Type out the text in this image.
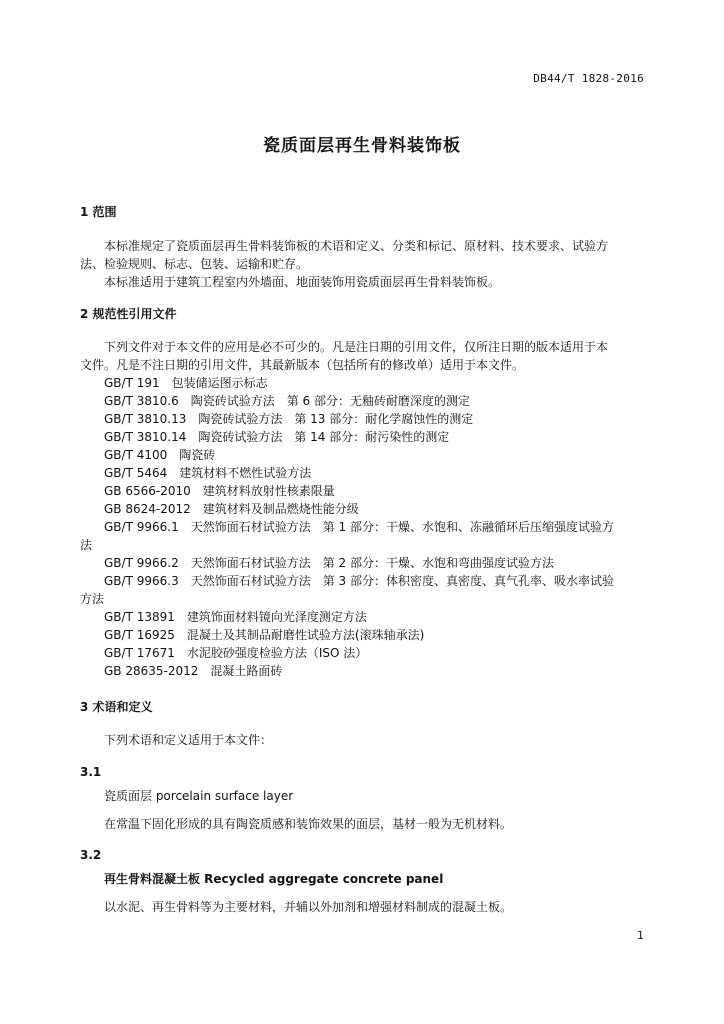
DB44/T 1828-2016
瓷质面层再生骨料装饰板
1 范围
本标准规定了瓷质面层再生骨料装饰板的术语和定义、分类和标记、原材料、技术要求、试验方
法、检验规则、标志、包装、运输和贮存。
本标准适用于建筑工程室内外墙面、地面装饰用瓷质面层再生骨料装饰板。
2 规范性引用文件
下列文件对于本文件的应用是必不可少的。凡是注日期的引用文件，仅所注日期的版本适用于本
文件。凡是不注日期的引用文件，其最新版本（包括所有的修改单）适用于本文件。
GB/T 191　包装储运图示标志
GB/T 3810.6　陶瓷砖试验方法　第 6 部分：无釉砖耐磨深度的测定
GB/T 3810.13　陶瓷砖试验方法　第 13 部分：耐化学腐蚀性的测定
GB/T 3810.14　陶瓷砖试验方法　第 14 部分：耐污染性的测定
GB/T 4100　陶瓷砖
GB/T 5464　建筑材料不燃性试验方法
GB 6566-2010　建筑材料放射性核素限量
GB 8624-2012　建筑材料及制品燃烧性能分级
GB/T 9966.1　天然饰面石材试验方法　第 1 部分：干燥、水饱和、冻融循环后压缩强度试验方
法
GB/T 9966.2　天然饰面石材试验方法　第 2 部分：干燥、水饱和弯曲强度试验方法
GB/T 9966.3　天然饰面石材试验方法　第 3 部分：体积密度、真密度、真气孔率、吸水率试验
方法
GB/T 13891　建筑饰面材料镜向光泽度测定方法
GB/T 16925　混凝土及其制品耐磨性试验方法(滚珠轴承法)
GB/T 17671　水泥胶砂强度检验方法（ISO 法）
GB 28635-2012　混凝土路面砖
3 术语和定义
下列术语和定义适用于本文件：
3.1
瓷质面层 porcelain surface layer
在常温下固化形成的具有陶瓷质感和装饰效果的面层，基材一般为无机材料。
3.2
再生骨料混凝土板 Recycled aggregate concrete panel
以水泥、再生骨料等为主要材料，并辅以外加剂和增强材料制成的混凝土板。
1
